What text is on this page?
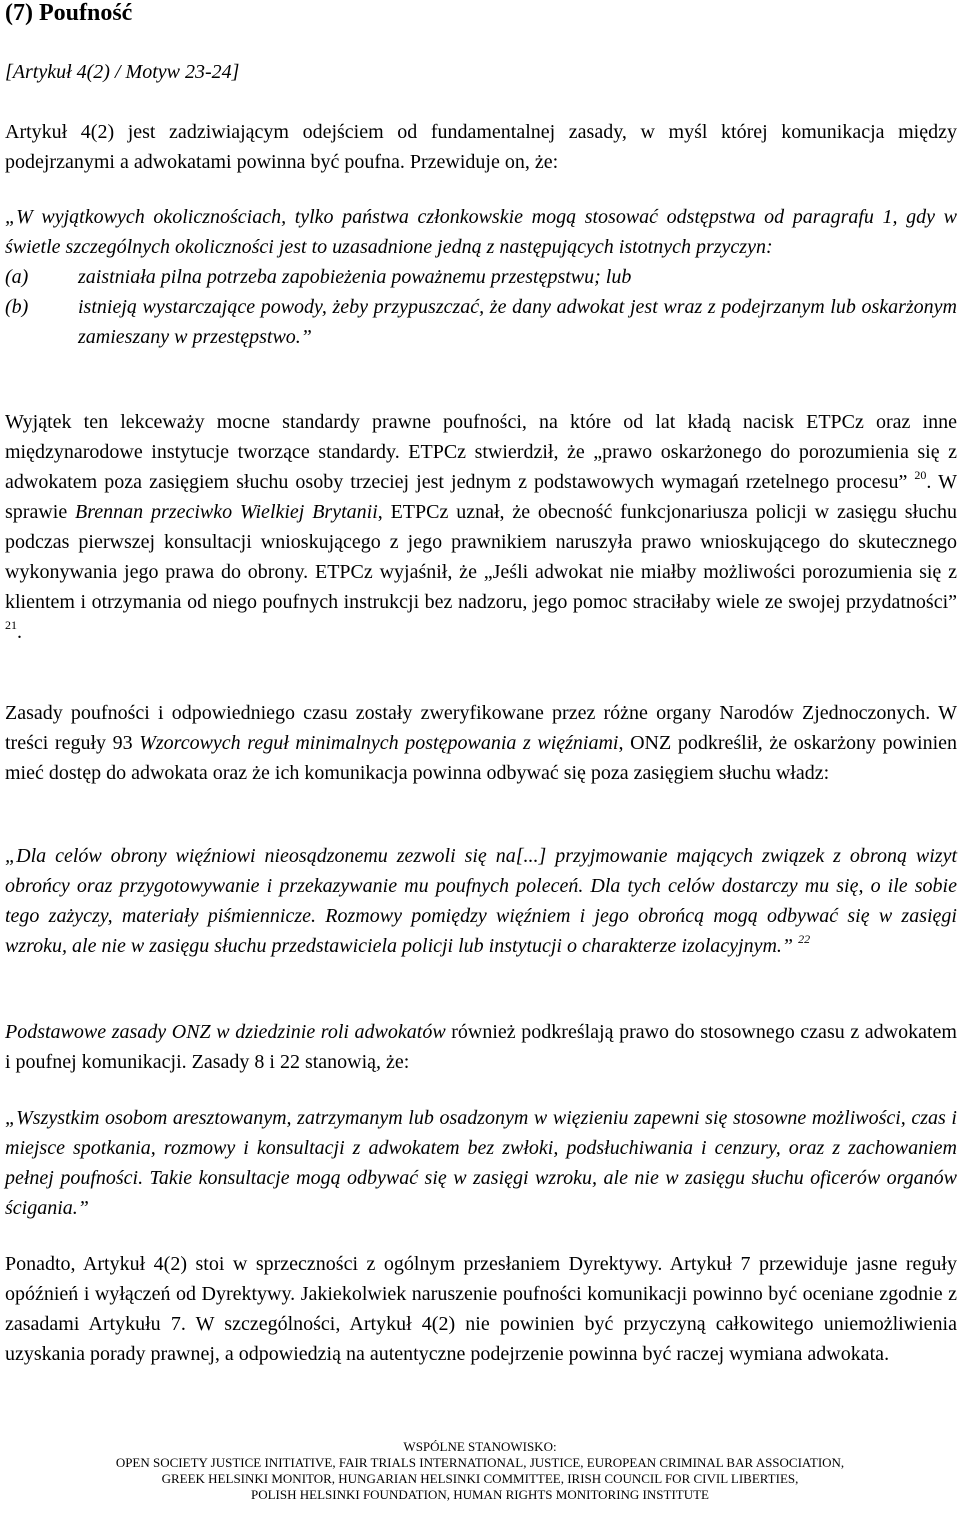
(7) Poufność

[Artykuł 4(2) / Motyw 23-24]

Artykuł 4(2) jest zadziwiającym odejściem od fundamentalnej zasady, w myśl której komunikacja między podejrzanymi a adwokatami powinna być poufna. Przewiduje on, że:

„W wyjątkowych okolicznościach, tylko państwa członkowskie mogą stosować odstępstwa od paragrafu 1, gdy w świetle szczególnych okoliczności jest to uzasadnione jedną z następujących istotnych przyczyn:
(a) zaistniała pilna potrzeba zapobieżenia poważnemu przestępstwu; lub
(b) istnieją wystarczające powody, żeby przypuszczać, że dany adwokat jest wraz z podejrzanym lub oskarżonym zamieszany w przestępstwo.”

Wyjątek ten lekceważy mocne standardy prawne poufności, na które od lat kładą nacisk ETPCz oraz inne międzynarodowe instytucje tworzące standardy. ETPCz stwierdził, że „prawo oskarżonego do porozumienia się z adwokatem poza zasięgiem słuchu osoby trzeciej jest jednym z podstawowych wymagań rzetelnego procesu” $^{20}$. W sprawie Brennan przeciwko Wielkiej Brytanii, ETPCz uznał, że obecność funkcjonariusza policji w zasięgu słuchu podczas pierwszej konsultacji wnioskującego z jego prawnikiem naruszyła prawo wnioskującego do skutecznego wykonywania jego prawa do obrony. ETPCz wyjaśnił, że „Jeśli adwokat nie miałby możliwości porozumienia się z klientem i otrzymania od niego poufnych instrukcji bez nadzoru, jego pomoc straciłaby wiele ze swojej przydatności” $^{21}$.

Zasady poufności i odpowiedniego czasu zostały zweryfikowane przez różne organy Narodów Zjednoczonych. W treści reguły 93 Wzorcowych reguł minimalnych postępowania z więźniami, ONZ podkreślił, że oskarżony powinien mieć dostęp do adwokata oraz że ich komunikacja powinna odbywać się poza zasięgiem słuchu władz:

„Dla celów obrony więźniowi nieosądzonemu zezwoli się na[...] przyjmowanie mających związek z obroną wizyt obrońcy oraz przygotowywanie i przekazywanie mu poufnych poleceń. Dla tych celów dostarczy mu się, o ile sobie tego zażyczy, materiały piśmiennicze. Rozmowy pomiędzy więźniem i jego obrońcą mogą odbywać się w zasięgi wzroku, ale nie w zasięgu słuchu przedstawiciela policji lub instytucji o charakterze izolacyjnym.” $^{22}$

Podstawowe zasady ONZ w dziedzinie roli adwokatów również podkreślają prawo do stosownego czasu z adwokatem i poufnej komunikacji. Zasady 8 i 22 stanowią, że:

„Wszystkim osobom aresztowanym, zatrzymanym lub osadzonym w więzieniu zapewni się stosowne możliwości, czas i miejsce spotkania, rozmowy i konsultacji z adwokatem bez zwłoki, podsłuchiwania i cenzury, oraz z zachowaniem pełnej poufności. Takie konsultacje mogą odbywać się w zasięgi wzroku, ale nie w zasięgu słuchu oficerów organów ścigania.”

Ponadto, Artykuł 4(2) stoi w sprzeczności z ogólnym przesłaniem Dyrektywy. Artykuł 7 przewiduje jasne reguły opóźnień i wyłączeń od Dyrektywy. Jakiekolwiek naruszenie poufności komunikacji powinno być oceniane zgodnie z zasadami Artykułu 7. W szczególności, Artykuł 4(2) nie powinien być przyczyną całkowitego uniemożliwienia uzyskania porady prawnej, a odpowiedzią na autentyczne podejrzenie powinna być raczej wymiana adwokata.

WSPÓLNE STANOWISKO:
OPEN SOCIETY JUSTICE INITIATIVE, FAIR TRIALS INTERNATIONAL, JUSTICE, EUROPEAN CRIMINAL BAR ASSOCIATION,
GREEK HELSINKI MONITOR, HUNGARIAN HELSINKI COMMITTEE, IRISH COUNCIL FOR CIVIL LIBERTIES,
POLISH HELSINKI FOUNDATION, HUMAN RIGHTS MONITORING INSTITUTE
